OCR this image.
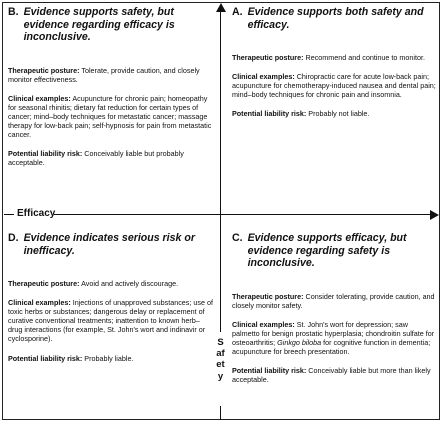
Efficacy
Safety
B. Evidence supports safety, but evidence regarding efficacy is inconclusive.

Therapeutic posture: Tolerate, provide caution, and closely monitor effectiveness.

Clinical examples: Acupuncture for chronic pain; homeopathy for seasonal rhinitis; dietary fat reduction for certain types of cancer; mind–body techniques for metastatic cancer; massage therapy for low-back pain; self-hypnosis for pain from metastatic cancer.

Potential liability risk: Conceivably liable but probably acceptable.

A. Evidence supports both safety and efficacy.

Therapeutic posture: Recommend and continue to monitor.

Clinical examples: Chiropractic care for acute low-back pain; acupuncture for chemotherapy-induced nausea and dental pain; mind–body techniques for chronic pain and insomnia.

Potential liability risk: Probably not liable.

D. Evidence indicates serious risk or inefficacy.

Therapeutic posture: Avoid and actively discourage.

Clinical examples: Injections of unapproved substances; use of toxic herbs or substances; dangerous delay or replacement of curative conventional treatments; inattention to known herb–drug interactions (for example, St. John's wort and indinavir or cyclosporine).

Potential liability risk: Probably liable.

C. Evidence supports efficacy, but evidence regarding safety is inconclusive.

Therapeutic posture: Consider tolerating, provide caution, and closely monitor safety.

Clinical examples: St. John's wort for depression; saw palmetto for benign prostatic hyperplasia; chondroitin sulfate for osteoarthritis; Ginkgo biloba for cognitive function in dementia; acupuncture for breech presentation.

Potential liability risk: Conceivably liable but more than likely acceptable.
